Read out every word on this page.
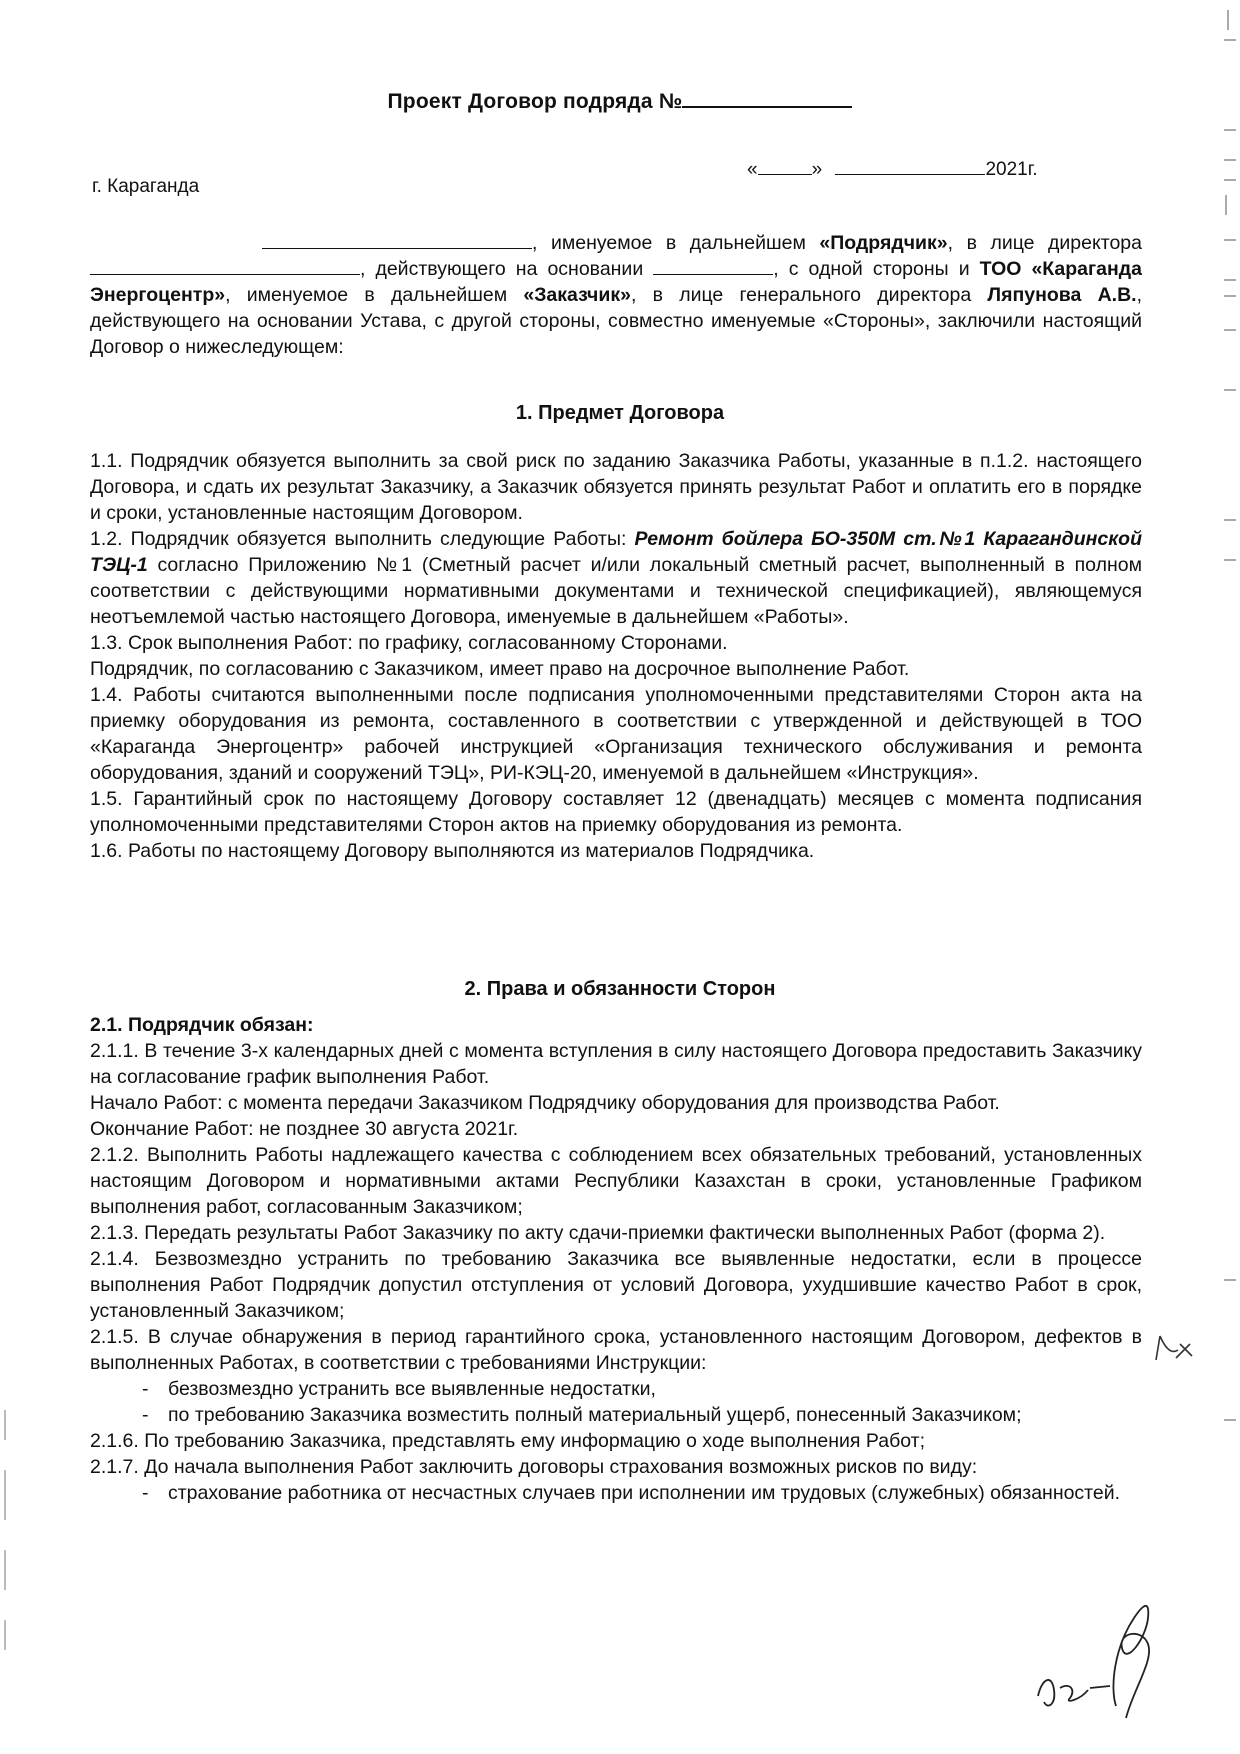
Проект Договор подряда №
г. Караганда
«	»	2021г.
, именуемое в дальнейшем «Подрядчик», в лице директора , действующего на основании	, с одной стороны и ТОО «Караганда Энергоцентр», именуемое в дальнейшем «Заказчик», в лице генерального директора Ляпунова А.В., действующего на основании Устава, с другой стороны, совместно именуемые «Стороны», заключили настоящий Договор о нижеследующем:
1. Предмет Договора

1.1. Подрядчик обязуется выполнить за свой риск по заданию Заказчика Работы, указанные в п.1.2. настоящего Договора, и сдать их результат Заказчику, а Заказчик обязуется принять результат Работ и оплатить его в порядке и сроки, установленные настоящим Договором.

1.2. Подрядчик обязуется выполнить следующие Работы: Ремонт бойлера БО-350М ст.№1 Карагандинской ТЭЦ-1 согласно Приложению №1 (Сметный расчет и/или локальный сметный расчет, выполненный в полном соответствии с действующими нормативными документами и технической спецификацией), являющемуся неотъемлемой частью настоящего Договора, именуемые в дальнейшем «Работы».

1.3. Срок выполнения Работ: по графику, согласованному Сторонами.

Подрядчик, по согласованию с Заказчиком, имеет право на досрочное выполнение Работ.

1.4. Работы считаются выполненными после подписания уполномоченными представителями Сторон акта на приемку оборудования из ремонта, составленного в соответствии с утвержденной и действующей в ТОО «Караганда Энергоцентр» рабочей инструкцией «Организация технического обслуживания и ремонта оборудования, зданий и сооружений ТЭЦ», РИ-КЭЦ-20, именуемой в дальнейшем «Инструкция».

1.5. Гарантийный срок по настоящему Договору составляет 12 (двенадцать) месяцев с момента подписания уполномоченными представителями Сторон актов на приемку оборудования из ремонта.

1.6. Работы по настоящему Договору выполняются из материалов Подрядчика.

2. Права и обязанности Сторон

2.1. Подрядчик обязан:

2.1.1. В течение 3-х календарных дней с момента вступления в силу настоящего Договора предоставить Заказчику на согласование график выполнения Работ.

Начало Работ: с момента передачи Заказчиком Подрядчику оборудования для производства Работ.

Окончание Работ: не позднее 30 августа 2021г.

2.1.2. Выполнить Работы надлежащего качества с соблюдением всех обязательных требований, установленных настоящим Договором и нормативными актами Республики Казахстан в сроки, установленные Графиком выполнения работ, согласованным Заказчиком;

2.1.3. Передать результаты Работ Заказчику по акту сдачи-приемки фактически выполненных Работ (форма 2).

2.1.4. Безвозмездно устранить по требованию Заказчика все выявленные недостатки, если в процессе выполнения Работ Подрядчик допустил отступления от условий Договора, ухудшившие качество Работ в срок, установленный Заказчиком;

2.1.5. В случае обнаружения в период гарантийного срока, установленного настоящим Договором, дефектов в выполненных Работах, в соответствии с требованиями Инструкции:

- безвозмездно устранить все выявленные недостатки,

- по требованию Заказчика возместить полный материальный ущерб, понесенный Заказчиком;

2.1.6. По требованию Заказчика, представлять ему информацию о ходе выполнения Работ;

2.1.7. До начала выполнения Работ заключить договоры страхования возможных рисков по виду:

- страхование работника от несчастных случаев при исполнении им трудовых (служебных) обязанностей.
